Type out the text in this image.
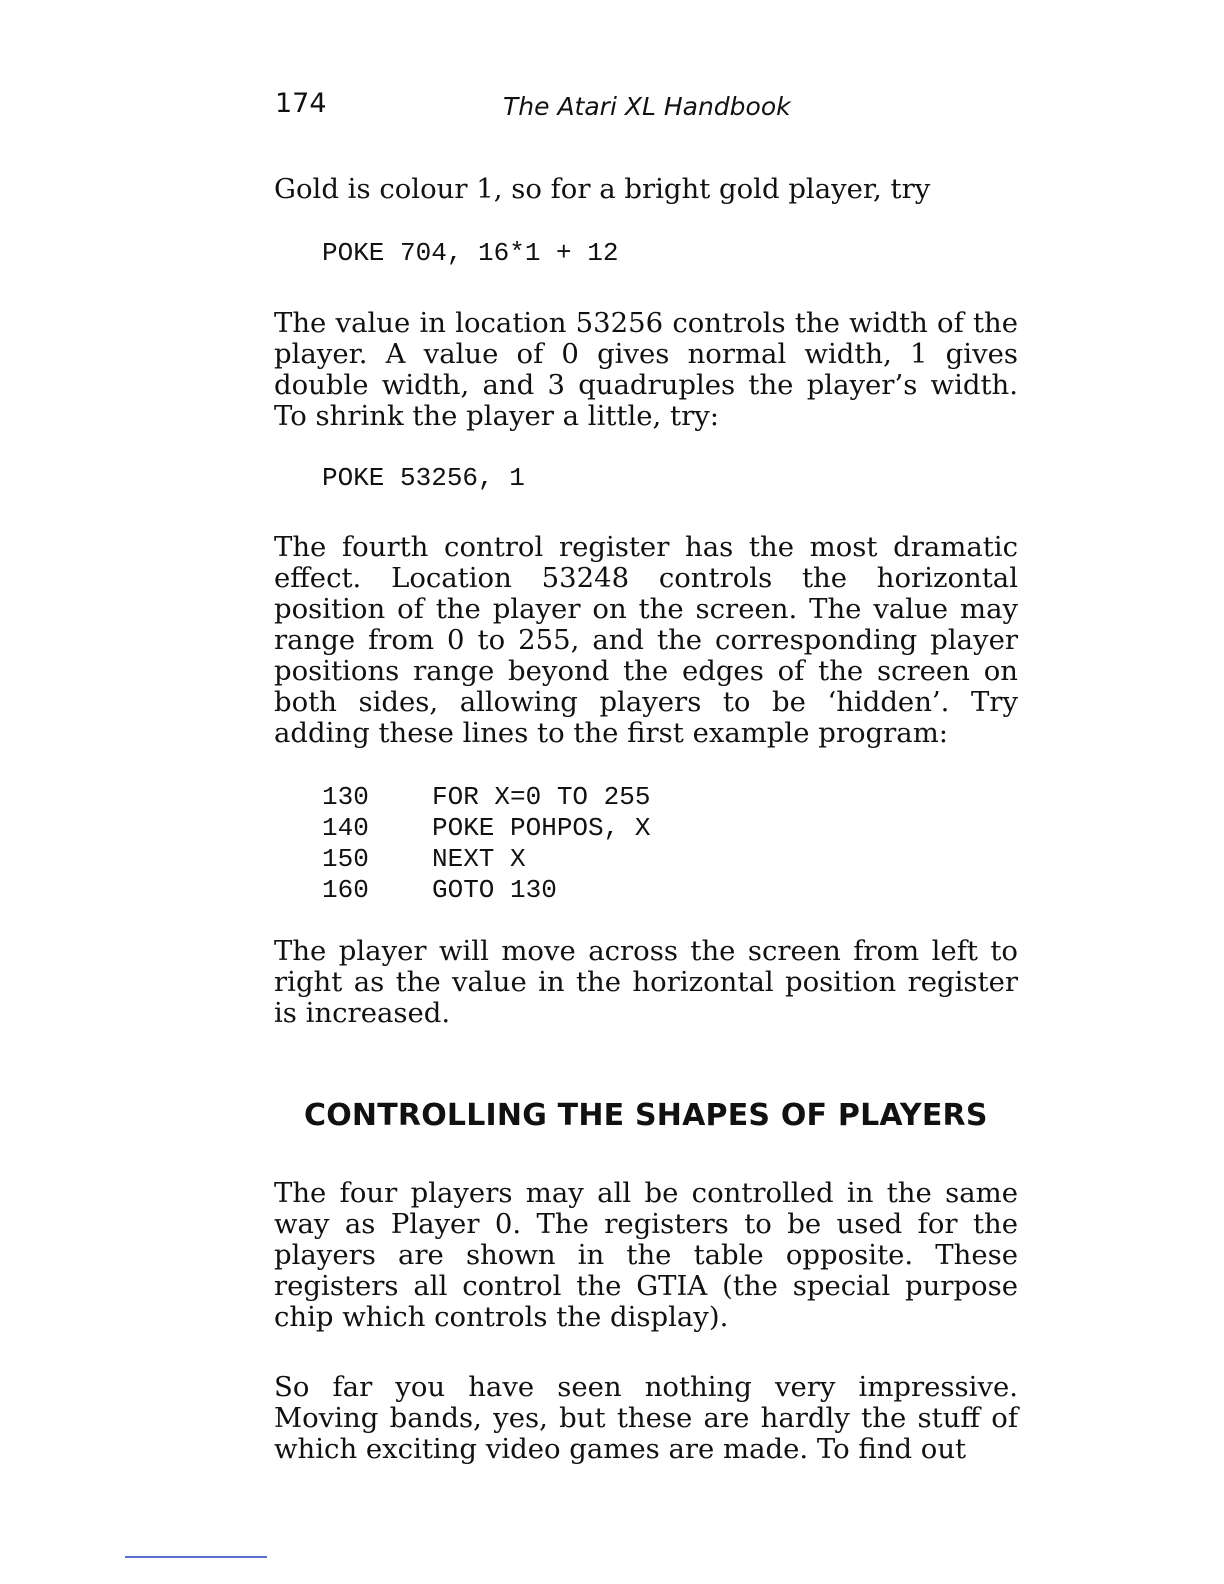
174	The Atari XL Handbook

Gold is colour 1, so for a bright gold player, try

POKE 704, 16*1 + 12

The value in location 53256 controls the width of the player. A value of 0 gives normal width, 1 gives double width, and 3 quadruples the player’s width. To shrink the player a little, try:

POKE 53256, 1

The fourth control register has the most dramatic effect. Location 53248 controls the horizontal position of the player on the screen. The value may range from 0 to 255, and the corresponding player positions range beyond the edges of the screen on both sides, allowing players to be ‘hidden’. Try adding these lines to the first example program:

130	FOR X=0 TO 255
140	POKE POHPOS, X
150	NEXT X
160	GOTO 130

The player will move across the screen from left to right as the value in the horizontal position register is increased.

CONTROLLING THE SHAPES OF PLAYERS

The four players may all be controlled in the same way as Player 0. The registers to be used for the players are shown in the table opposite. These registers all control the GTIA (the special purpose chip which controls the display).

So far you have seen nothing very impressive. Moving bands, yes, but these are hardly the stuff of which exciting video games are made. To find out
